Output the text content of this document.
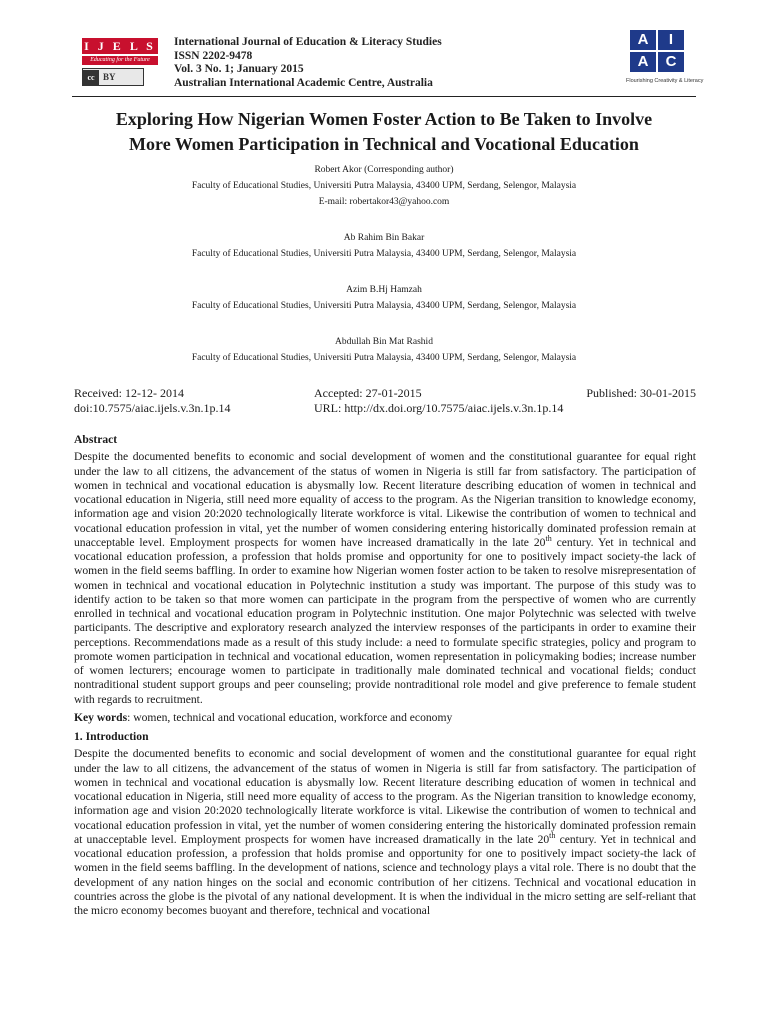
I J E L S
Educating for the Future
cc BY
International Journal of Education & Literacy Studies
ISSN 2202-9478
Vol. 3 No. 1; January 2015
Australian International Academic Centre, Australia
A	I
A	C
Flourishing Creativity & Literacy
Exploring How Nigerian Women Foster Action to Be Taken to Involve
More Women Participation in Technical and Vocational Education
Robert Akor (Corresponding author)
Faculty of Educational Studies, Universiti Putra Malaysia, 43400 UPM, Serdang, Selengor, Malaysia
E-mail: robertakor43@yahoo.com
Ab Rahim Bin Bakar
Faculty of Educational Studies, Universiti Putra Malaysia, 43400 UPM, Serdang, Selengor, Malaysia
Azim B.Hj Hamzah
Faculty of Educational Studies, Universiti Putra Malaysia, 43400 UPM, Serdang, Selengor, Malaysia
Abdullah Bin Mat Rashid
Faculty of Educational Studies, Universiti Putra Malaysia, 43400 UPM, Serdang, Selengor, Malaysia
Received: 12-12- 2014	Accepted: 27-01-2015	Published: 30-01-2015
doi:10.7575/aiac.ijels.v.3n.1p.14	URL: http://dx.doi.org/10.7575/aiac.ijels.v.3n.1p.14
Abstract

Despite the documented benefits to economic and social development of women and the constitutional guarantee for equal right under the law to all citizens, the advancement of the status of women in Nigeria is still far from satisfactory. The participation of women in technical and vocational education is abysmally low. Recent literature describing education of women in technical and vocational education in Nigeria, still need more equality of access to the program. As the Nigerian transition to knowledge economy, information age and vision 20:2020 technologically literate workforce is vital. Likewise the contribution of women to technical and vocational education profession in vital, yet the number of women considering entering historically dominated profession remain at unacceptable level. Employment prospects for women have increased dramatically in the late 20th century. Yet in technical and vocational education profession, a profession that holds promise and opportunity for one to positively impact society-the lack of women in the field seems baffling. In order to examine how Nigerian women foster action to be taken to resolve misrepresentation of women in technical and vocational education in Polytechnic institution a study was important. The purpose of this study was to identify action to be taken so that more women can participate in the program from the perspective of women who are currently enrolled in technical and vocational education program in Polytechnic institution. One major Polytechnic was selected with twelve participants. The descriptive and exploratory research analyzed the interview responses of the participants in order to examine their perceptions. Recommendations made as a result of this study include: a need to formulate specific strategies, policy and program to promote women participation in technical and vocational education, women representation in policymaking bodies; increase number of women lecturers; encourage women to participate in traditionally male dominated technical and vocational fields; conduct nontraditional student support groups and peer counseling; provide nontraditional role model and give preference to female student with regards to recruitment.

Key words: women, technical and vocational education, workforce and economy
1. Introduction

Despite the documented benefits to economic and social development of women and the constitutional guarantee for equal right under the law to all citizens, the advancement of the status of women in Nigeria is still far from satisfactory. The participation of women in technical and vocational education is abysmally low. Recent literature describing education of women in technical and vocational education in Nigeria, still need more equality of access to the program. As the Nigerian transition to knowledge economy, information age and vision 20:2020 technologically literate workforce is vital. Likewise the contribution of women to technical and vocational education profession in vital, yet the number of women considering entering the historically dominated profession remain at unacceptable level. Employment prospects for women have increased dramatically in the late 20th century. Yet in technical and vocational education profession, a profession that holds promise and opportunity for one to positively impact society-the lack of women in the field seems baffling. In the development of nations, science and technology plays a vital role. There is no doubt that the development of any nation hinges on the social and economic contribution of her citizens. Technical and vocational education in countries across the globe is the pivotal of any national development. It is when the individual in the micro setting are self-reliant that the micro economy becomes buoyant and therefore, technical and vocational
